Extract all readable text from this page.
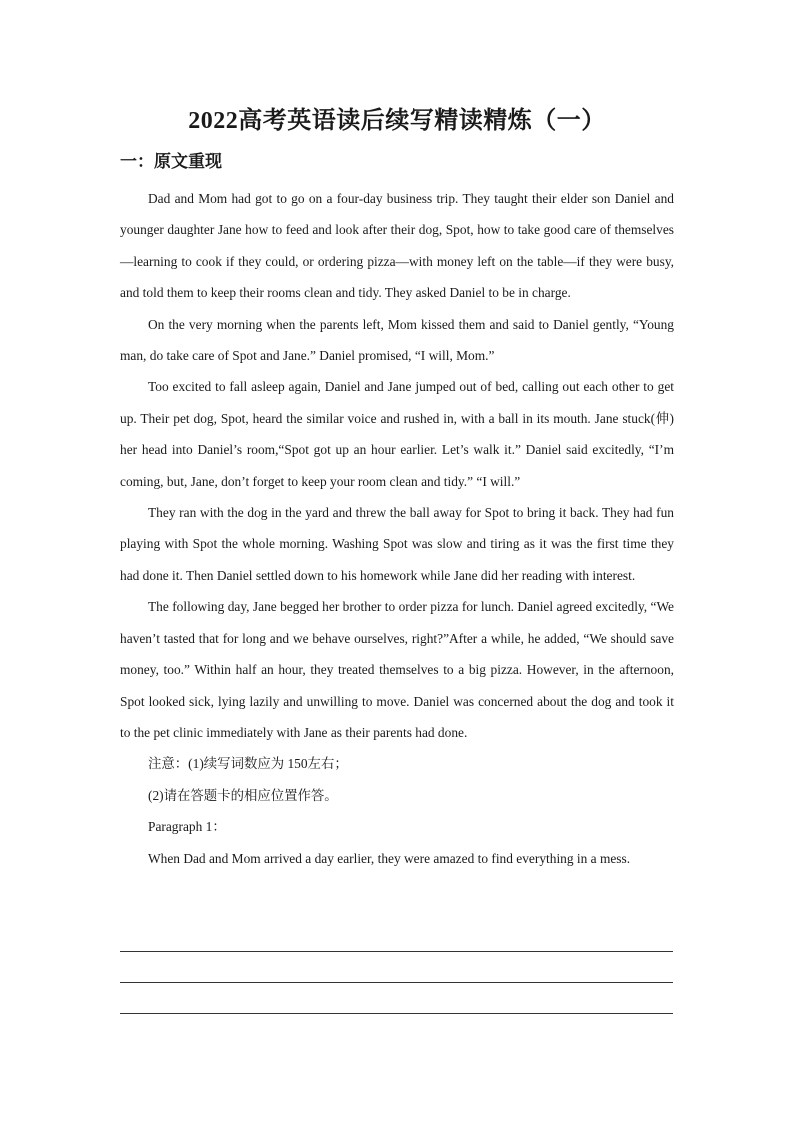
2022高考英语读后续写精读精炼（一）
一：原文重现

Dad and Mom had got to go on a four-day business trip. They taught their elder son Daniel and younger daughter Jane how to feed and look after their dog, Spot, how to take good care of themselves—learning to cook if they could, or ordering pizza—with money left on the table—if they were busy, and told them to keep their rooms clean and tidy. They asked Daniel to be in charge.

On the very morning when the parents left, Mom kissed them and said to Daniel gently, “Young man, do take care of Spot and Jane.” Daniel promised, “I will, Mom.”

Too excited to fall asleep again, Daniel and Jane jumped out of bed, calling out each other to get up. Their pet dog, Spot, heard the similar voice and rushed in, with a ball in its mouth. Jane stuck(伸) her head into Daniel’s room,“Spot got up an hour earlier. Let’s walk it.” Daniel said excitedly, “I’m coming, but, Jane, don’t forget to keep your room clean and tidy.” “I will.”

They ran with the dog in the yard and threw the ball away for Spot to bring it back. They had fun playing with Spot the whole morning. Washing Spot was slow and tiring as it was the first time they had done it. Then Daniel settled down to his homework while Jane did her reading with interest.

The following day, Jane begged her brother to order pizza for lunch. Daniel agreed excitedly, “We haven’t tasted that for long and we behave ourselves, right?”After a while, he added, “We should save money, too.” Within half an hour, they treated themselves to a big pizza. However, in the afternoon, Spot looked sick, lying lazily and unwilling to move. Daniel was concerned about the dog and took it to the pet clinic immediately with Jane as their parents had done.

注意：(1)续写词数应为 150左右；

(2)请在答题卡的相应位置作答。

Paragraph 1：

When Dad and Mom arrived a day earlier, they were amazed to find everything in a mess.
